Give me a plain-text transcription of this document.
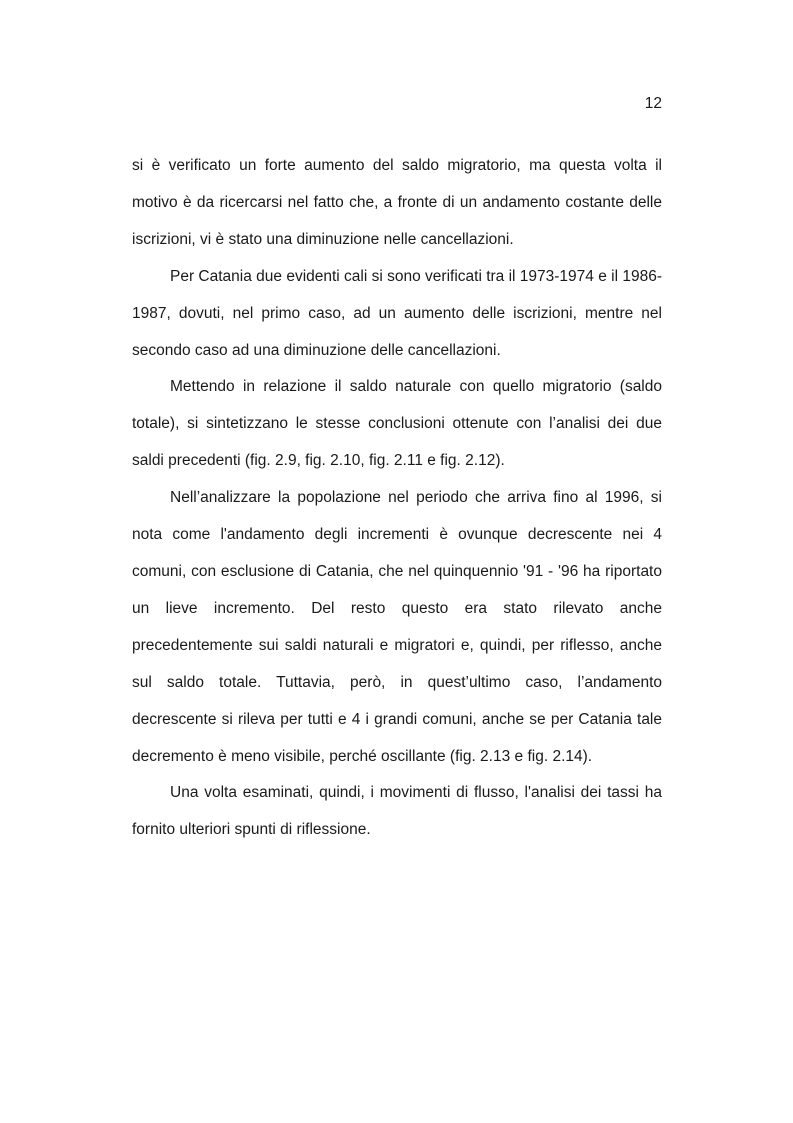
12

si è verificato un forte aumento del saldo migratorio, ma questa volta il motivo è da ricercarsi nel fatto che, a fronte di un andamento costante delle iscrizioni, vi è stato una diminuzione nelle cancellazioni.

Per Catania due evidenti cali si sono verificati tra il 1973-1974 e il 1986-1987, dovuti, nel primo caso, ad un aumento delle iscrizioni, mentre nel secondo caso ad una diminuzione delle cancellazioni.

Mettendo in relazione il saldo naturale con quello migratorio (saldo totale), si sintetizzano le stesse conclusioni ottenute con l’analisi dei due saldi precedenti (fig. 2.9, fig. 2.10, fig. 2.11 e fig. 2.12).

Nell’analizzare la popolazione nel periodo che arriva fino al 1996, si nota come l'andamento degli incrementi è ovunque decrescente nei 4 comuni, con esclusione di Catania, che nel quinquennio '91 - '96 ha riportato un lieve incremento. Del resto questo era stato rilevato anche precedentemente sui saldi naturali e migratori e, quindi, per riflesso, anche sul saldo totale. Tuttavia, però, in quest’ultimo caso, l’andamento decrescente si rileva per tutti e 4 i grandi comuni, anche se per Catania tale decremento è meno visibile, perché oscillante (fig. 2.13 e fig. 2.14).

Una volta esaminati, quindi, i movimenti di flusso, l'analisi dei tassi ha fornito ulteriori spunti di riflessione.
